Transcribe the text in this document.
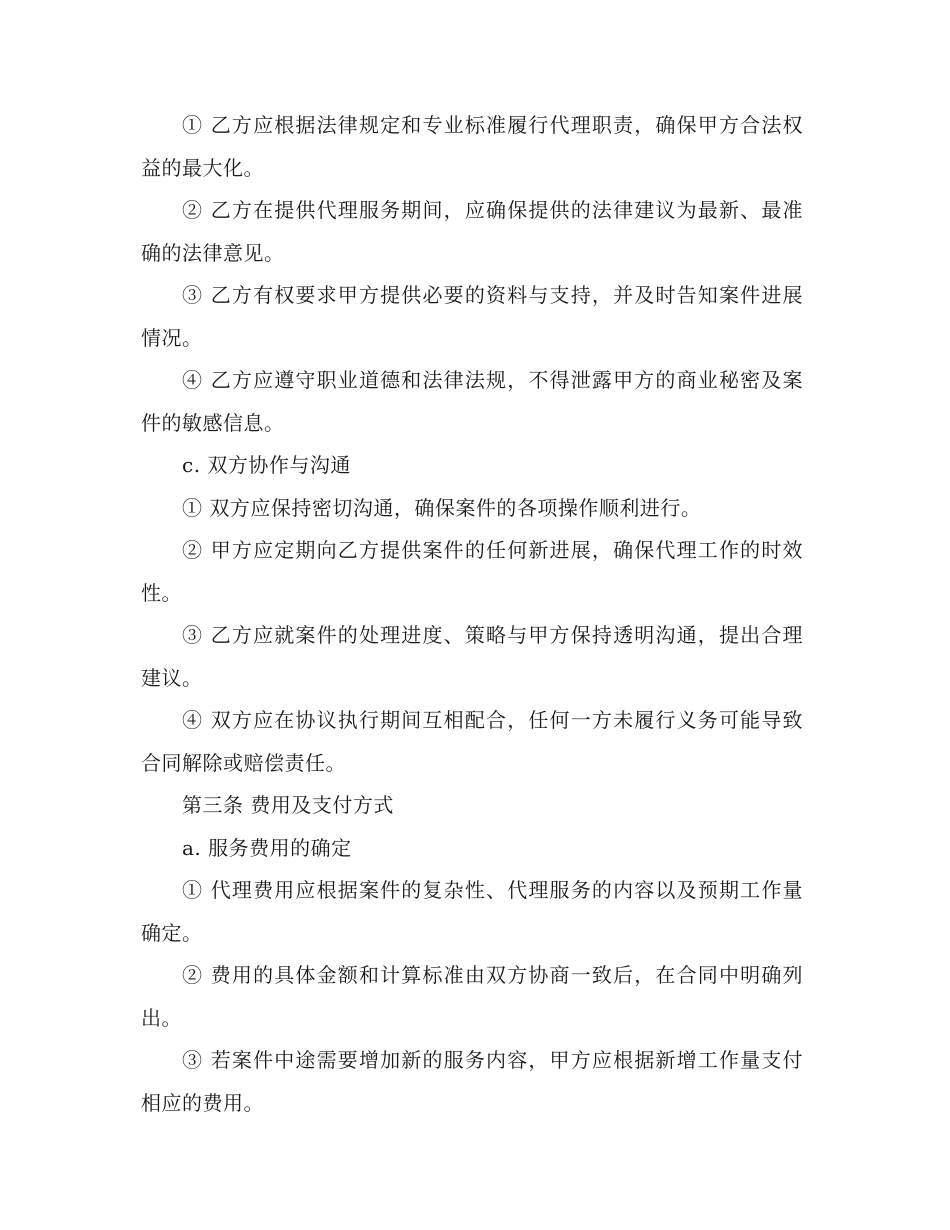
① 乙方应根据法律规定和专业标准履行代理职责，确保甲方合法权益的最大化。

② 乙方在提供代理服务期间，应确保提供的法律建议为最新、最准确的法律意见。

③ 乙方有权要求甲方提供必要的资料与支持，并及时告知案件进展情况。

④ 乙方应遵守职业道德和法律法规，不得泄露甲方的商业秘密及案件的敏感信息。

c. 双方协作与沟通

① 双方应保持密切沟通，确保案件的各项操作顺利进行。

② 甲方应定期向乙方提供案件的任何新进展，确保代理工作的时效性。

③ 乙方应就案件的处理进度、策略与甲方保持透明沟通，提出合理建议。

④ 双方应在协议执行期间互相配合，任何一方未履行义务可能导致合同解除或赔偿责任。

第三条 费用及支付方式

a. 服务费用的确定

① 代理费用应根据案件的复杂性、代理服务的内容以及预期工作量确定。

② 费用的具体金额和计算标准由双方协商一致后，在合同中明确列出。

③ 若案件中途需要增加新的服务内容，甲方应根据新增工作量支付相应的费用。
